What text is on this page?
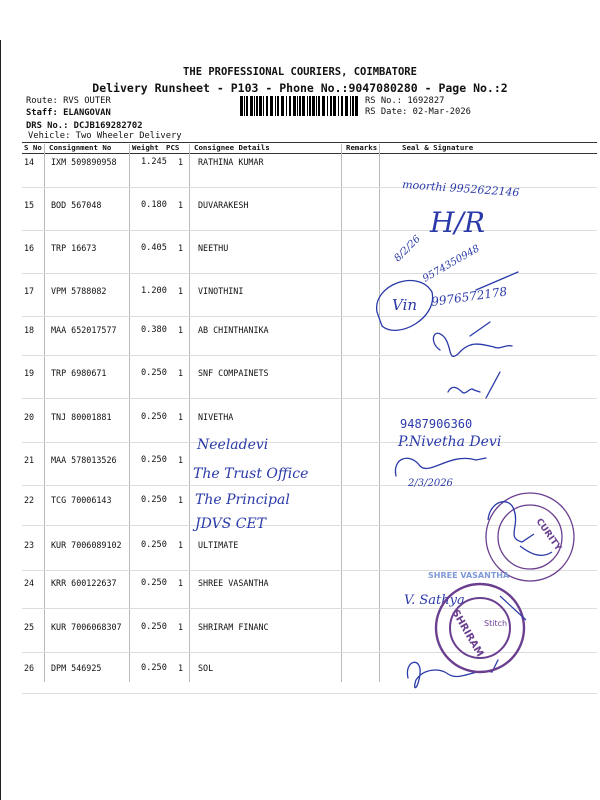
THE PROFESSIONAL COURIERS, COIMBATORE
Delivery Runsheet - P103 - Phone No.:9047080280 - Page No.:2
Route: RVS OUTER
Staff: ELANGOVAN
DRS No.: DCJB169282702
Vehicle: Two Wheeler Delivery
RS No.: 1692827
RS Date: 02-Mar-2026
S No Consignment No	Weight PCS Consignee Details	Remarks	Seal & Signature
14 IXM 509890958	1.245 1 RATHINA KUMAR
15 BOD 567048	0.180 1 DUVARAKESH
16 TRP 16673	0.405 1 NEETHU
17 VPM 5788082	1.200 1 VINOTHINI
18 MAA 652017577	0.380 1 AB CHINTHANIKA
19 TRP 6980671	0.250 1 SNF COMPAINETS
20 TNJ 80001881	0.250 1 NIVETHA
21 MAA 578013526	0.250 1
22 TCG 70006143	0.250 1
23 KUR 7006089102 0.250 1 ULTIMATE
24 KRR 600122637	0.250 1 SHREE VASANTHA
25 KUR 7006068307 0.250 1 SHRIRAM FINANC
26 DPM 546925	0.250 1 SOL
moorthi 9952622146
H/R
8/2/26
9574350948
Vin 9976572178
9487906360
P.Nivetha Devi
Neeladevi
The Trust Office
2/3/2026
The Principal
JDVS CET
V. Sathya
CURITY
SHREE VASANTHA
SHRIRAM
Stitch
